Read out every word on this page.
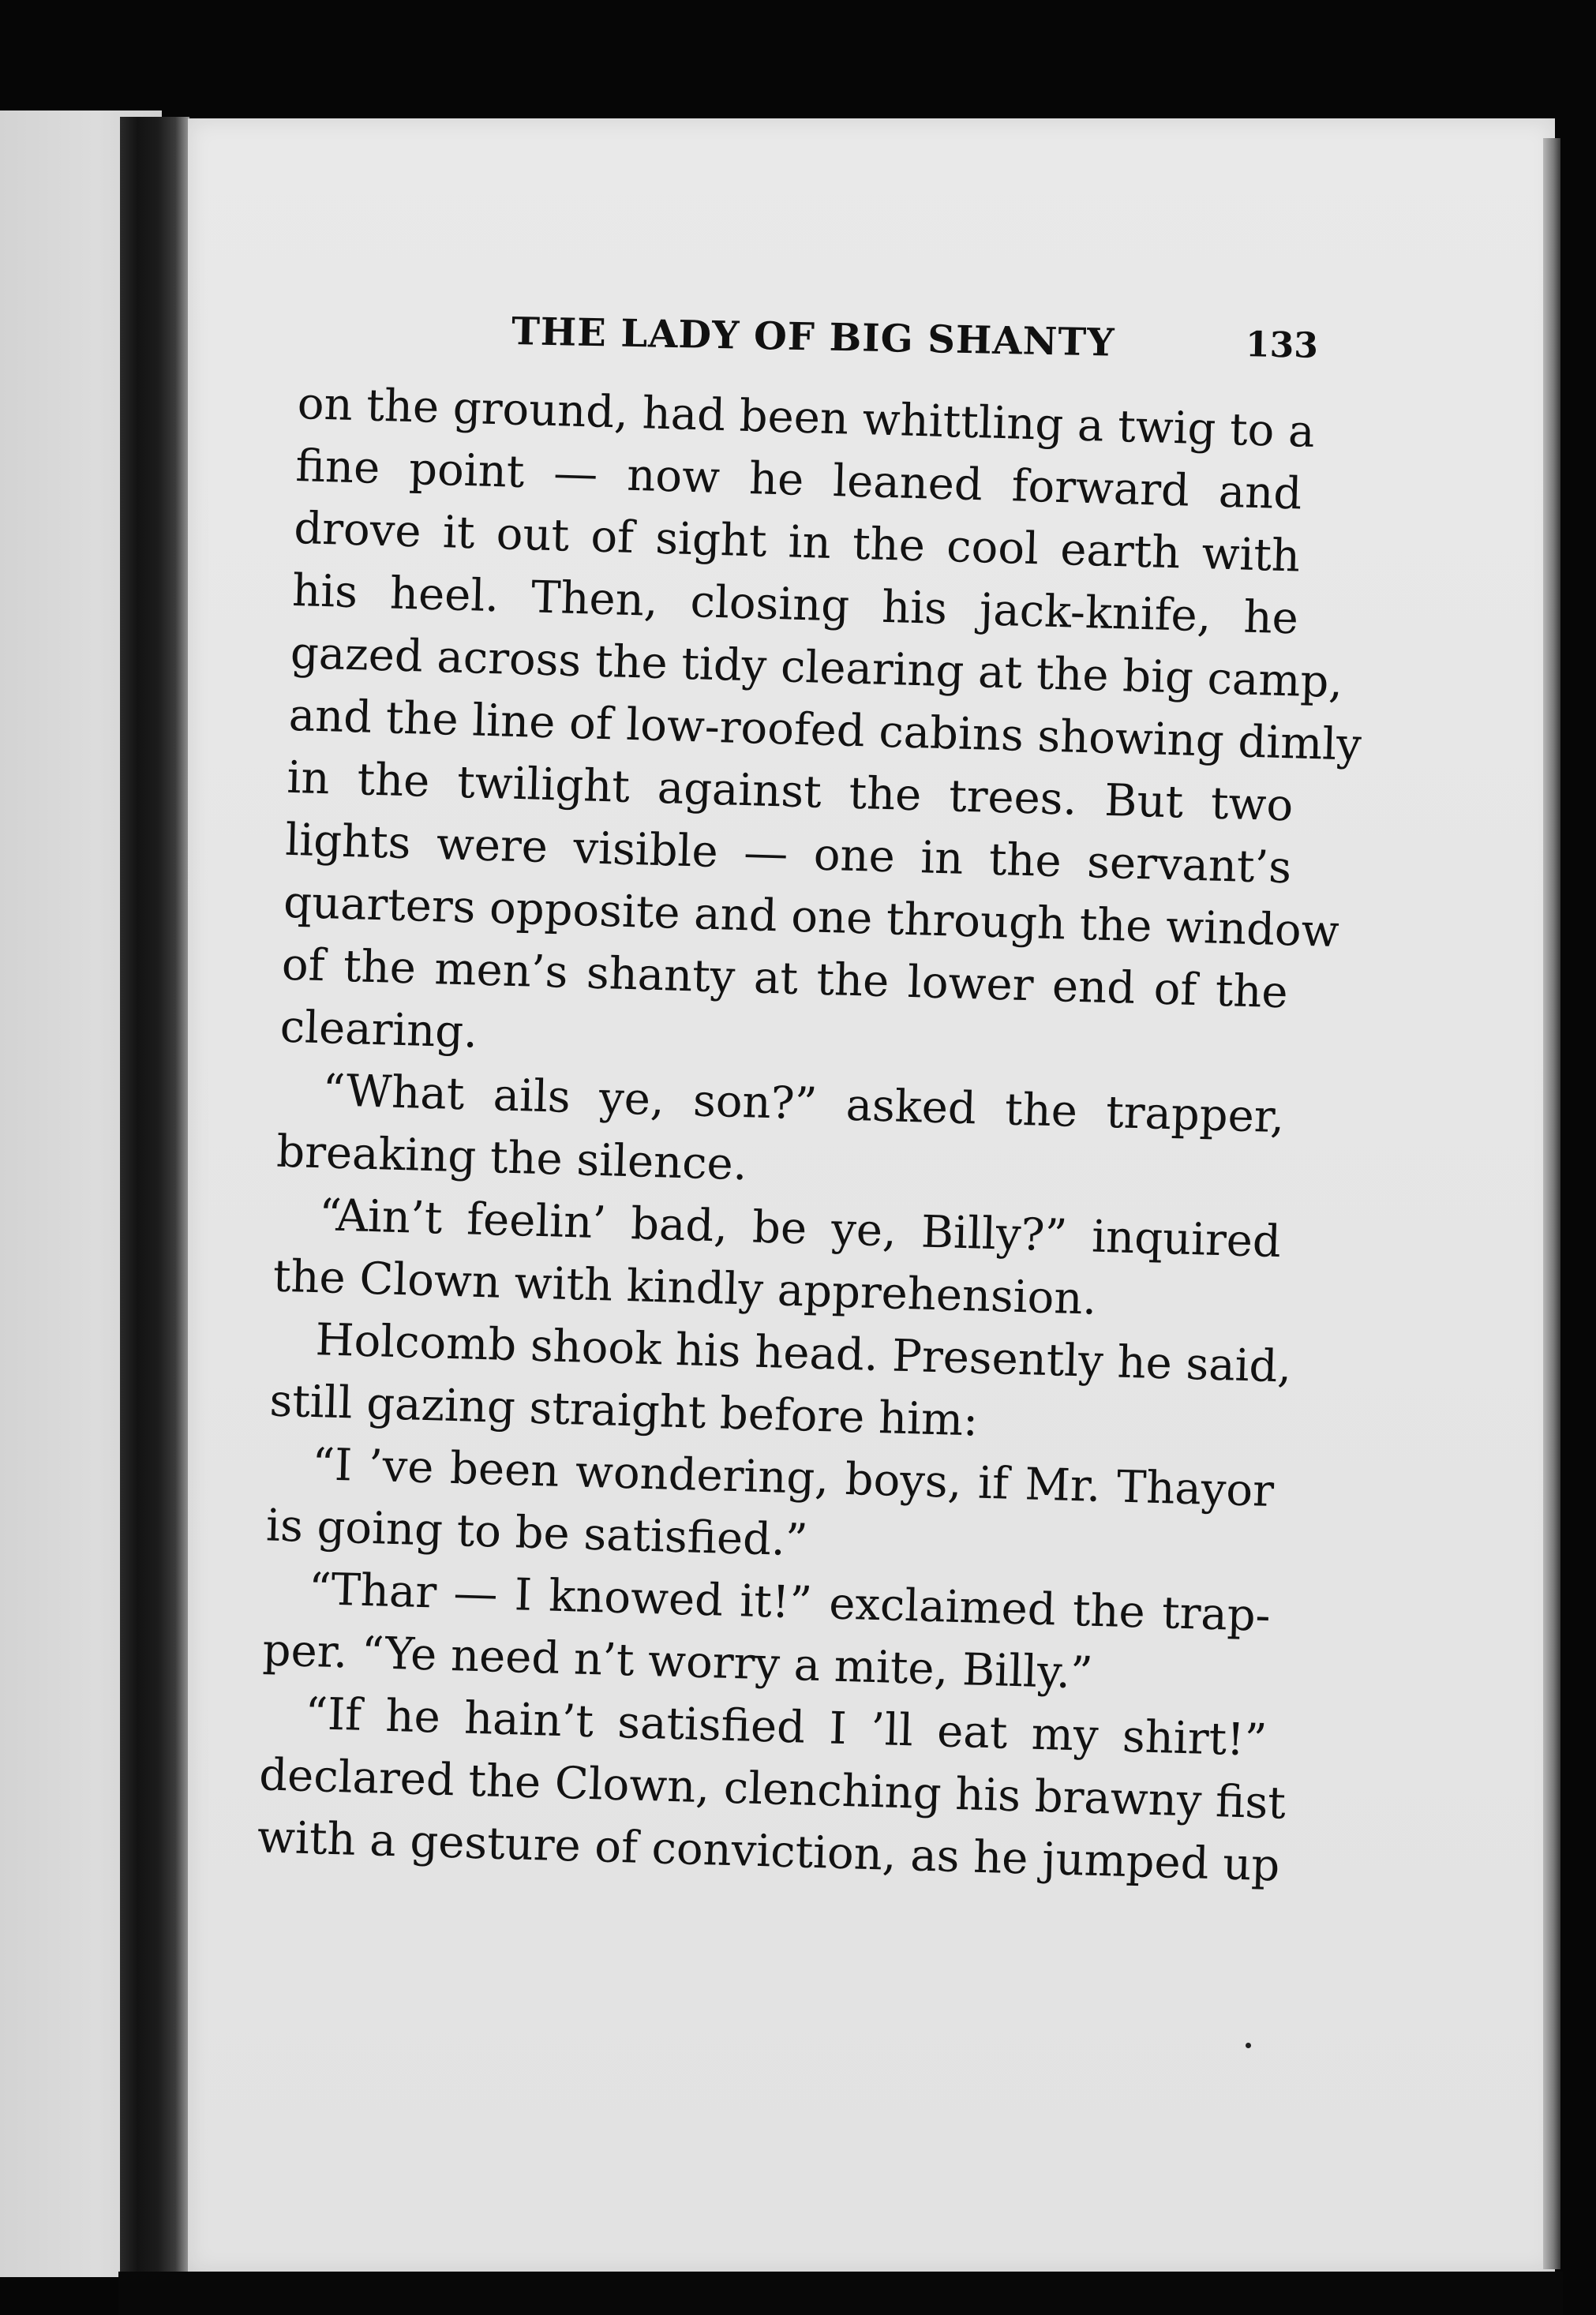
THE LADY OF BIG SHANTY	133
on the ground, had been whittling a twig to a
fine point — now he leaned forward and
drove it out of sight in the cool earth with
his heel. Then, closing his jack-knife, he
gazed across the tidy clearing at the big camp,
and the line of low-roofed cabins showing dimly
in the twilight against the trees. But two
lights were visible — one in the servant’s
quarters opposite and one through the window
of the men’s shanty at the lower end of the
clearing.
“What ails ye, son?” asked the trapper,
breaking the silence.
“Ain’t feelin’ bad, be ye, Billy?” inquired
the Clown with kindly apprehension.
Holcomb shook his head. Presently he said,
still gazing straight before him:
“I ’ve been wondering, boys, if Mr. Thayor
is going to be satisfied.”
“Thar — I knowed it!” exclaimed the trap-
per. “Ye need n’t worry a mite, Billy.”
“If he hain’t satisfied I ’ll eat my shirt!”
declared the Clown, clenching his brawny fist
with a gesture of conviction, as he jumped up
